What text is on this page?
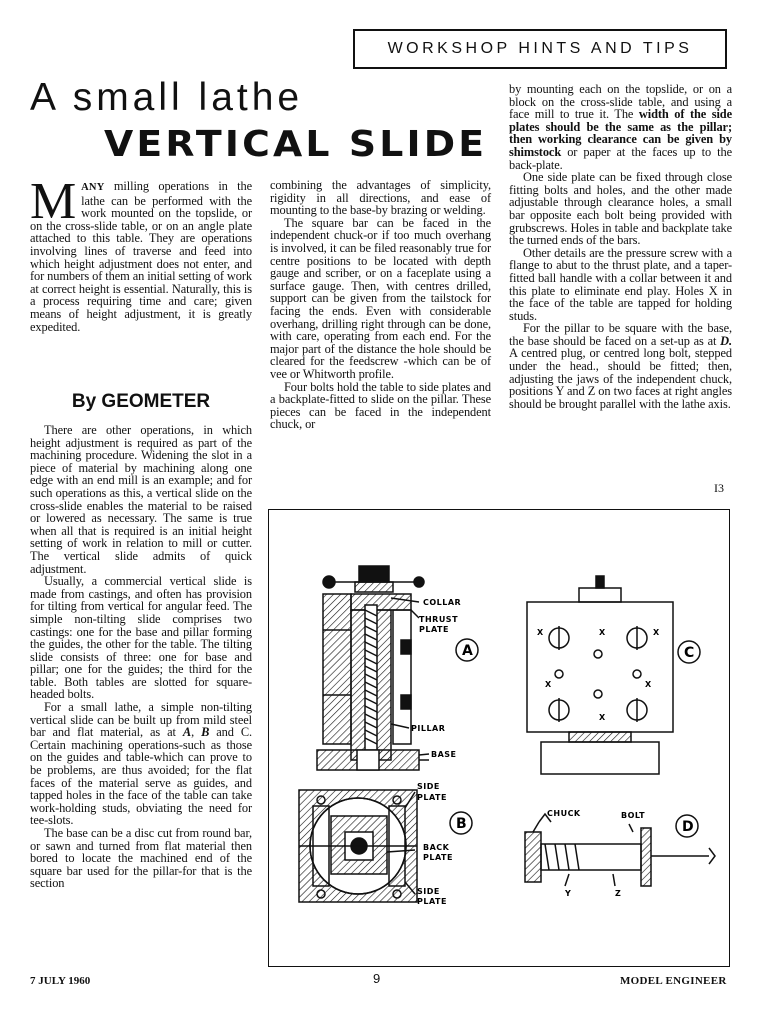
WORKSHOP HINTS AND TIPS
A small lathe
VERTICAL SLIDE

MANY milling operations in the lathe can be performed with the work mounted on the topslide, or on the cross-slide table, or on an angle plate attached to this table. They are operations involving lines of traverse and feed into which height adjustment does not enter, and for numbers of them an initial setting of work at correct height is essential. Naturally, this is a process requiring time and care; given means of height adjustment, it is greatly expedited.

By GEOMETER

There are other operations, in which height adjustment is required as part of the machining procedure. Widening the slot in a piece of material by machining along one edge with an end mill is an example; and for such operations as this, a vertical slide on the cross-slide enables the material to be raised or lowered as necessary. The same is true when all that is required is an initial height setting of work in relation to mill or cutter. The vertical slide admits of quick adjustment.

Usually, a commercial vertical slide is made from castings, and often has provision for tilting from vertical for angular feed. The simple non-tilting slide comprises two castings: one for the base and pillar forming the guides, the other for the table. The tilting slide consists of three: one for base and pillar; one for the guides; the third for the table. Both tables are slotted for square-headed bolts.

For a small lathe, a simple non-tilting vertical slide can be built up from mild steel bar and flat material, as at A, B and C. Certain machining operations-such as those on the guides and table-which can prove to be problems, are thus avoided; for the flat faces of the material serve as guides, and tapped holes in the face of the table can take work-holding studs, obviating the need for tee-slots.

The base can be a disc cut from round bar, or sawn and turned from flat material then bored to locate the machined end of the square bar used for the pillar-for that is the section

combining the advantages of simplicity, rigidity in all directions, and ease of mounting to the base-by brazing or welding.

The square bar can be faced in the independent chuck-or if too much overhang is involved, it can be filed reasonably true for centre positions to be located with depth gauge and scriber, or on a faceplate using a surface gauge. Then, with centres drilled, support can be given from the tailstock for facing the ends. Even with considerable overhang, drilling right through can be done, with care, operating from each end. For the major part of the distance the hole should be cleared for the feedscrew -which can be of vee or Whitworth profile.

Four bolts hold the table to side plates and a backplate-fitted to slide on the pillar. These pieces can be faced in the independent chuck, or

by mounting each on the topslide, or on a block on the cross-slide table, and using a face mill to true it. The width of the side plates should be the same as the pillar; then working clearance can be given by shimstock or paper at the faces up to the back-plate.

One side plate can be fixed through close fitting bolts and holes, and the other made adjustable through clearance holes, a small bar opposite each bolt being provided with grubscrews. Holes in table and backplate take the turned ends of the bars.

Other details are the pressure screw with a flange to abut to the thrust plate, and a taper-fitted ball handle with a collar between it and this plate to eliminate end play. Holes X in the face of the table are tapped for holding studs.

For the pillar to be square with the base, the base should be faced on a set-up as at D. A centred plug, or centred long bolt, stepped under the head., should be fitted; then, adjusting the jaws of the independent chuck, positions Y and Z on two faces at right angles should be brought parallel with the lathe axis.

I3
COLLAR
THRUST
PLATE
PILLAR
BASE
A
SIDE
PLATE
BACK
PLATE
SIDE
PLATE
B
X	X	X
X	X
X
C
CHUCK	BOLT
Y	Z
D
7 JULY 1960	9	MODEL ENGINEER
